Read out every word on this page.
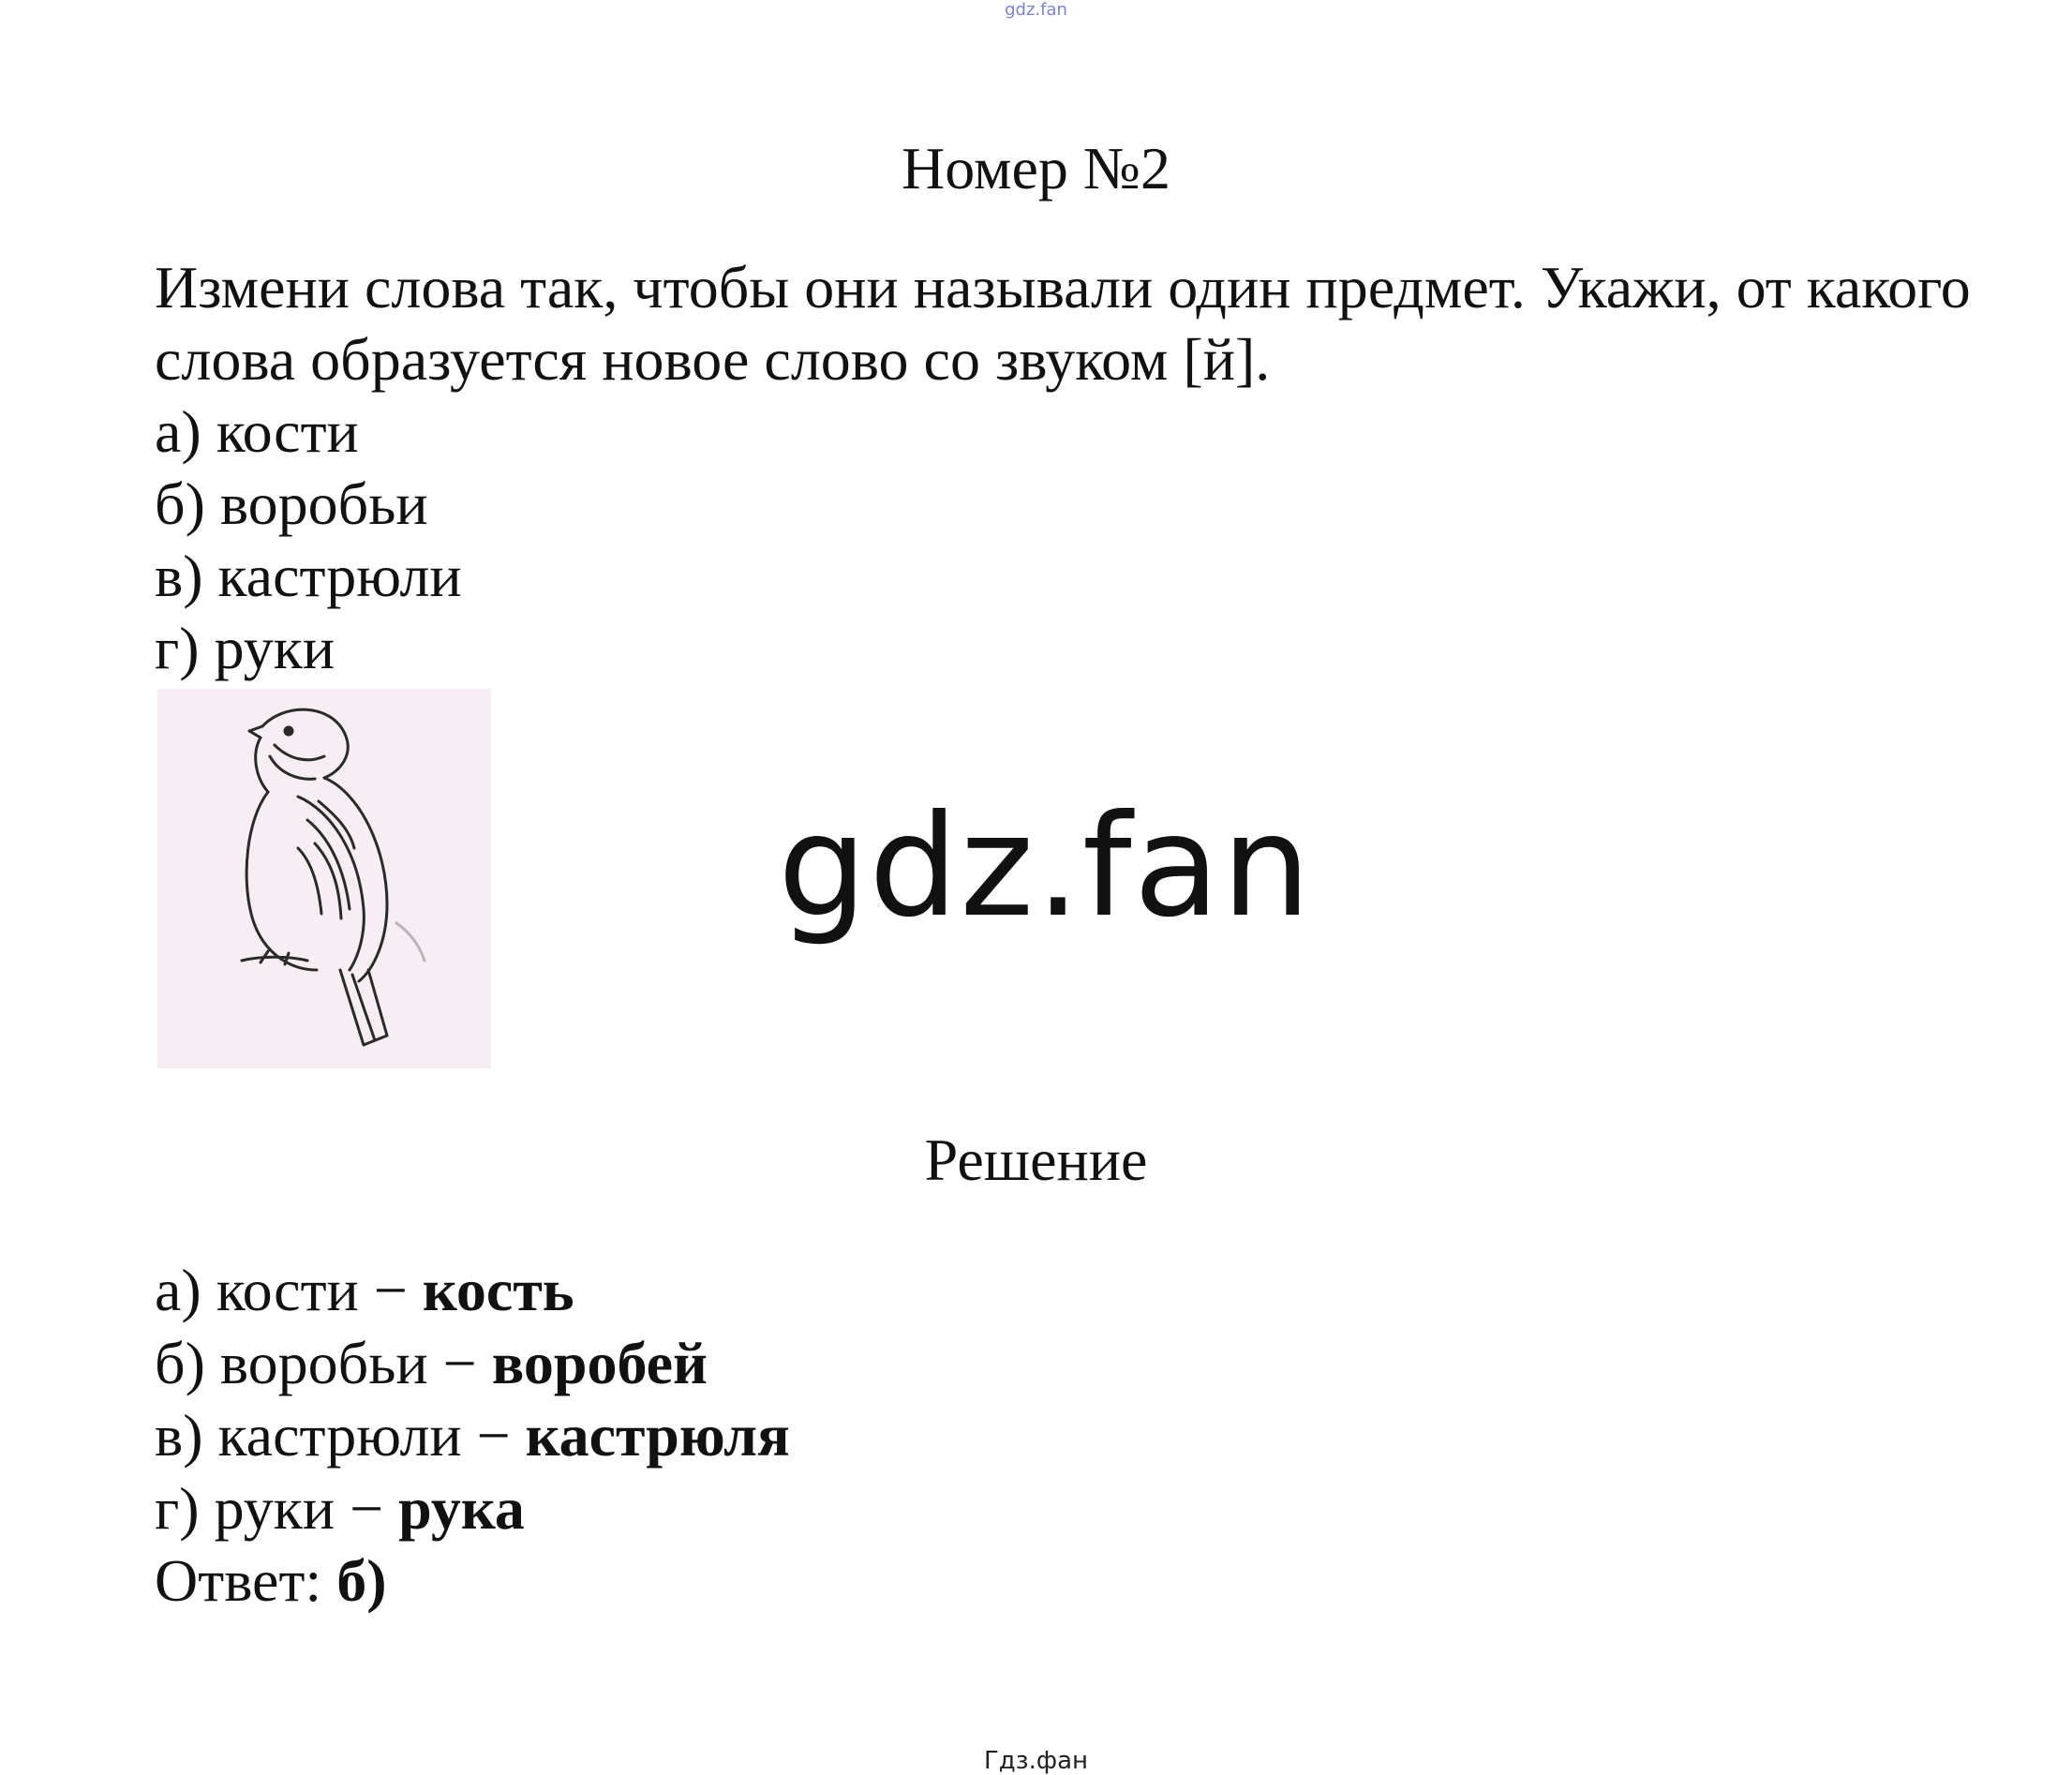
gdz.fan
Номер №2

Измени слова так, чтобы они называли один предмет. Укажи, от какого слова образуется новое слово со звуком [й].

а) кости

б) воробьи

в) кастрюли

г) руки

gdz.fan
Решение

а) кости − кость

б) воробьи − воробей

в) кастрюли − кастрюля

г) руки − рука

Ответ: б)

Гдз.фан
